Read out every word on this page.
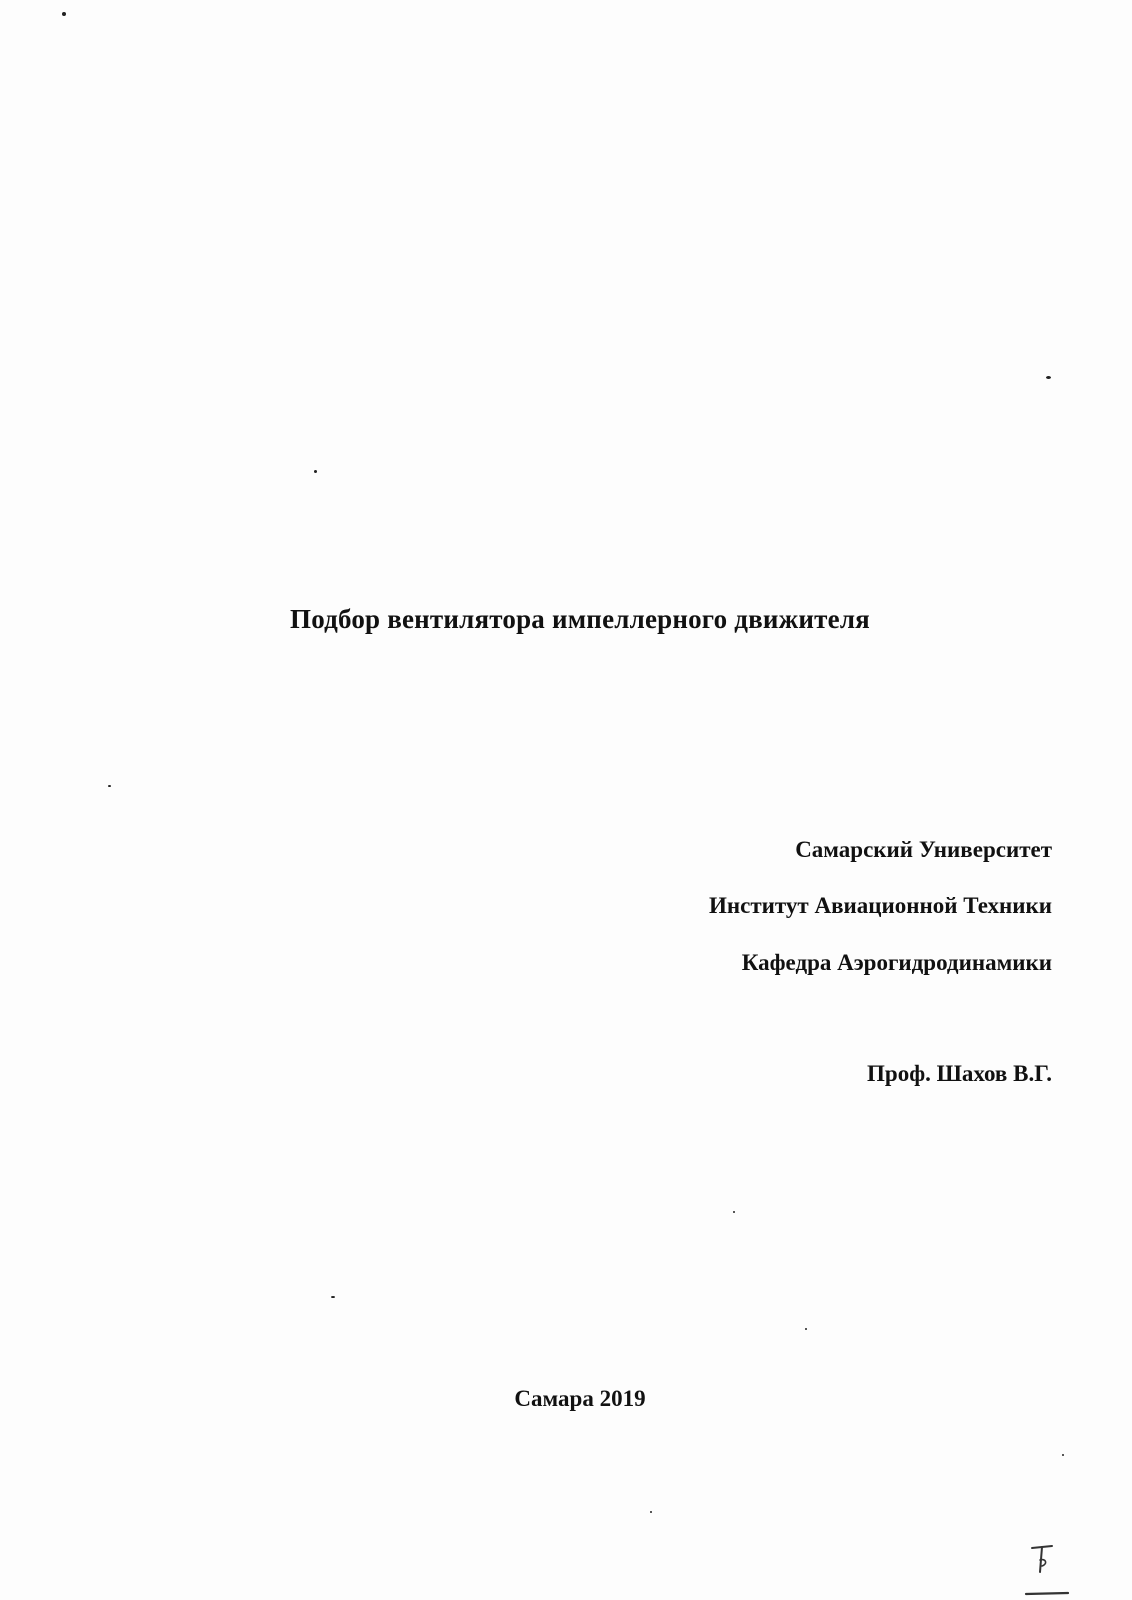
Подбор вентилятора импеллерного движителя
Самарский Университет
Институт Авиационной Техники
Кафедра Аэрогидродинамики
Проф. Шахов В.Г.
Самара 2019
